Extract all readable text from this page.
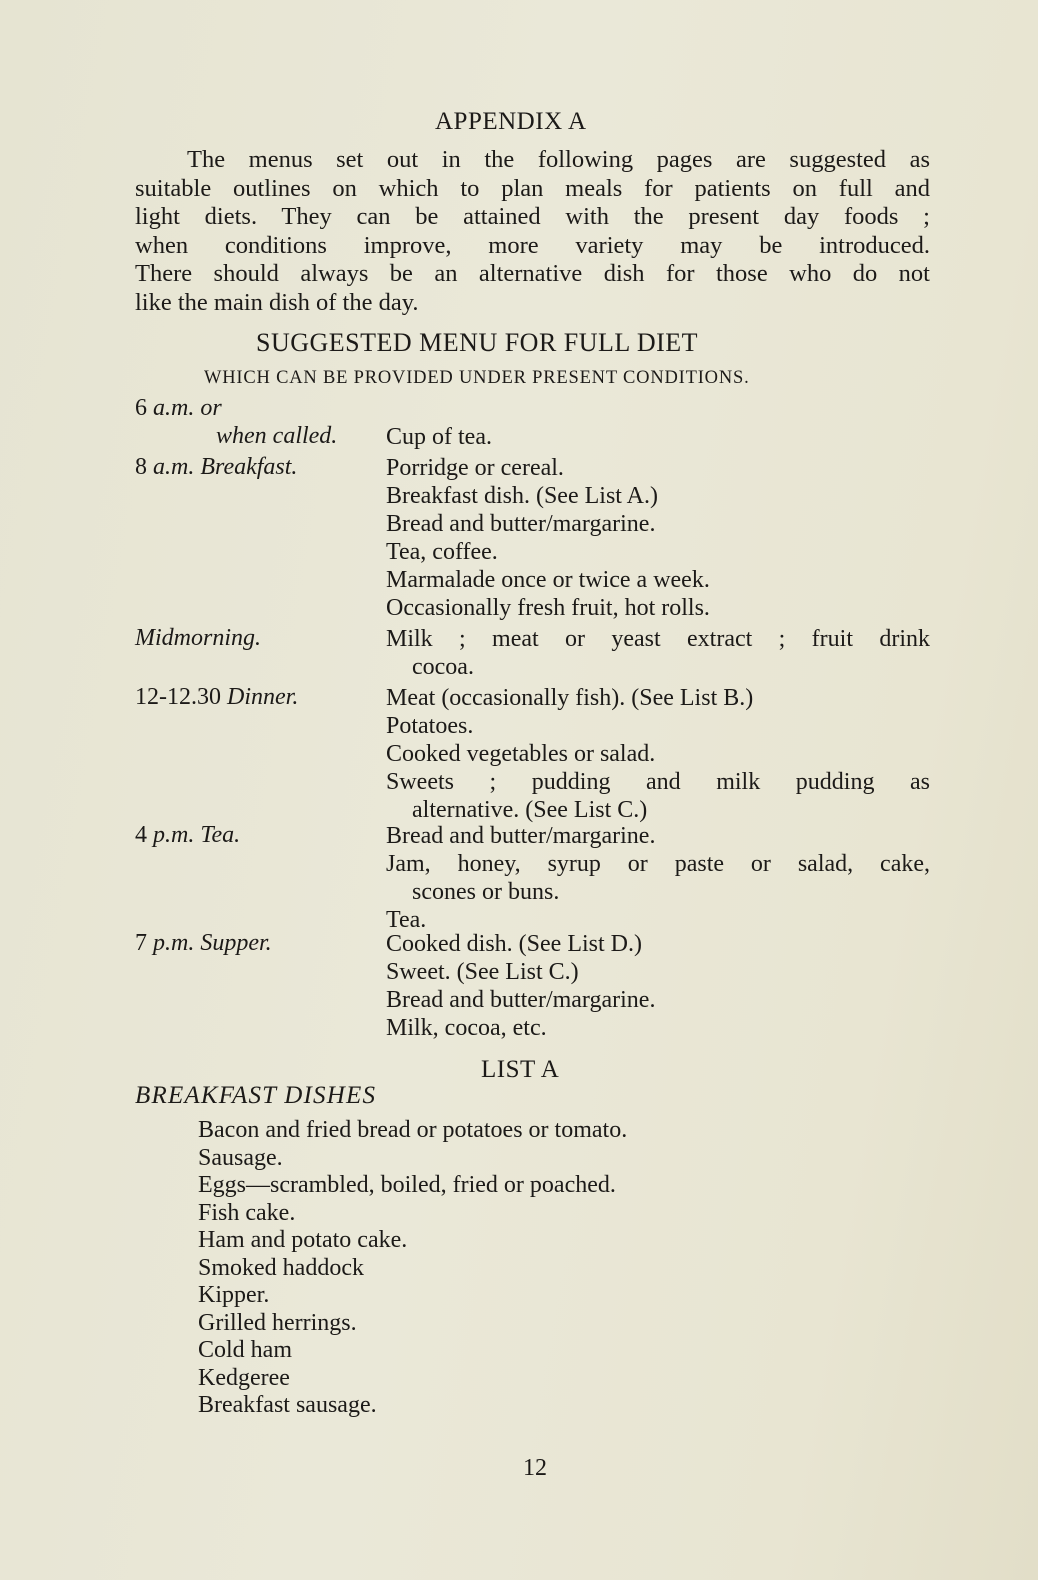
APPENDIX A
The menus set out in the following pages are suggested as
suitable outlines on which to plan meals for patients on full and
light diets. They can be attained with the present day foods ;
when conditions improve, more variety may be introduced.
There should always be an alternative dish for those who do not
like the main dish of the day.
SUGGESTED MENU FOR FULL DIET
WHICH CAN BE PROVIDED UNDER PRESENT CONDITIONS.
6 a.m. or
when called.
8 a.m. Breakfast.
Midmorning.
12-12.30 Dinner.
4 p.m. Tea.
7 p.m. Supper.
Cup of tea.
Porridge or cereal.
Breakfast dish. (See List A.)
Bread and butter/margarine.
Tea, coffee.
Marmalade once or twice a week.
Occasionally fresh fruit, hot rolls.
Milk ; meat or yeast extract ; fruit drink
cocoa.
Meat (occasionally fish). (See List B.)
Potatoes.
Cooked vegetables or salad.
Sweets ; pudding and milk pudding as
alternative. (See List C.)
Bread and butter/margarine.
Jam, honey, syrup or paste or salad, cake,
scones or buns.
Tea.
Cooked dish. (See List D.)
Sweet. (See List C.)
Bread and butter/margarine.
Milk, cocoa, etc.
LIST A
BREAKFAST DISHES
Bacon and fried bread or potatoes or tomato.
Sausage.
Eggs—scrambled, boiled, fried or poached.
Fish cake.
Ham and potato cake.
Smoked haddock
Kipper.
Grilled herrings.
Cold ham
Kedgeree
Breakfast sausage.
12
